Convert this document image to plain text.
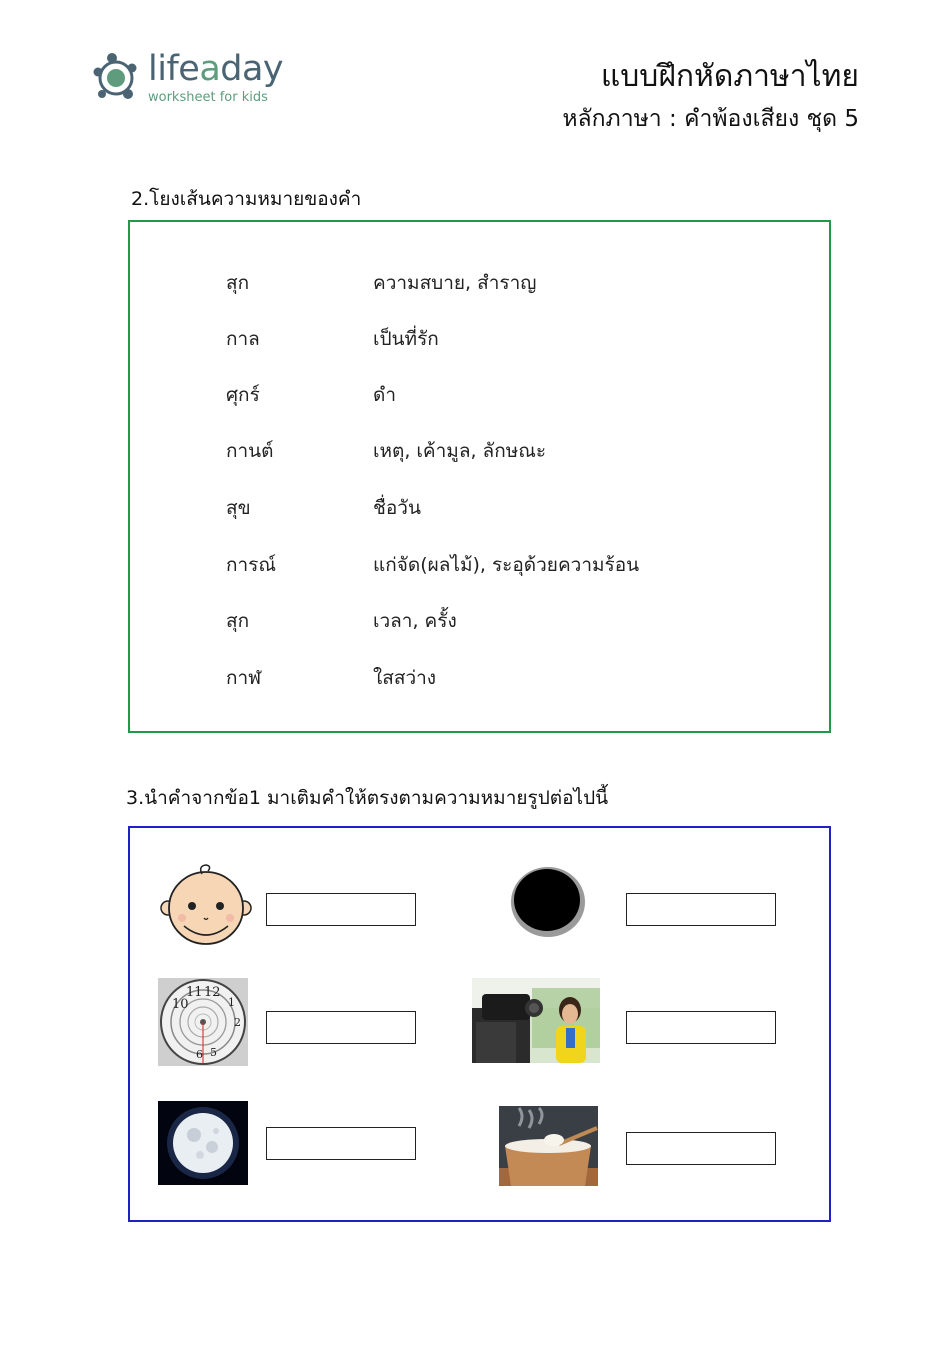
lifeaday
worksheet for kids
แบบฝึกหัดภาษาไทย
หลักภาษา : คำพ้องเสียง ชุด 5
2.โยงเส้นความหมายของคำ
สุก	ความสบาย, สำราญ
กาล	เป็นที่รัก
ศุกร์	ดำ
กานต์	เหตุ, เค้ามูล, ลักษณะ
สุข	ชื่อวัน
การณ์	แก่จัด(ผลไม้), ระอุด้วยความร้อน
สุก	เวลา, ครั้ง
กาฬ	ใสสว่าง
3.นำคำจากข้อ1 มาเติมคำให้ตรงตามความหมายรูปต่อไปนี้
10
11 12
1
2
6 5
